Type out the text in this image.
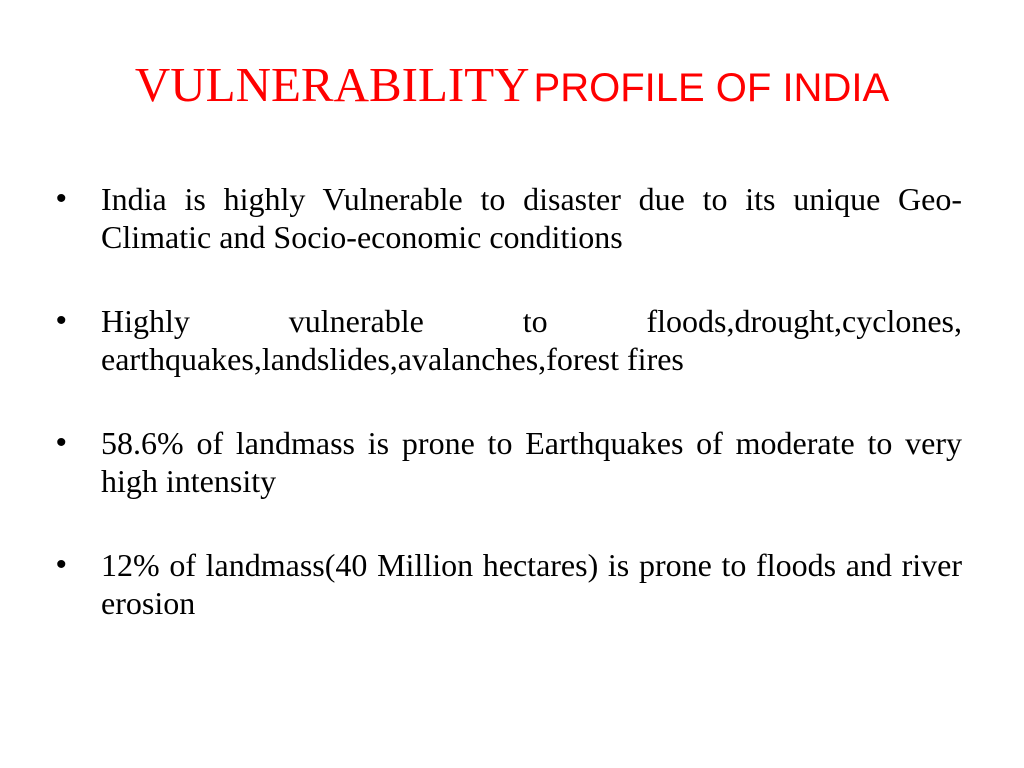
VULNERABILITY PROFILE OF INDIA
• India is highly Vulnerable to disaster due to its unique Geo-Climatic and Socio-economic conditions
• Highly vulnerable to floods,drought,cyclones, earthquakes,landslides,avalanches,forest fires
• 58.6% of landmass is prone to Earthquakes of moderate to very high intensity
• 12% of landmass(40 Million hectares) is prone to floods and river erosion
